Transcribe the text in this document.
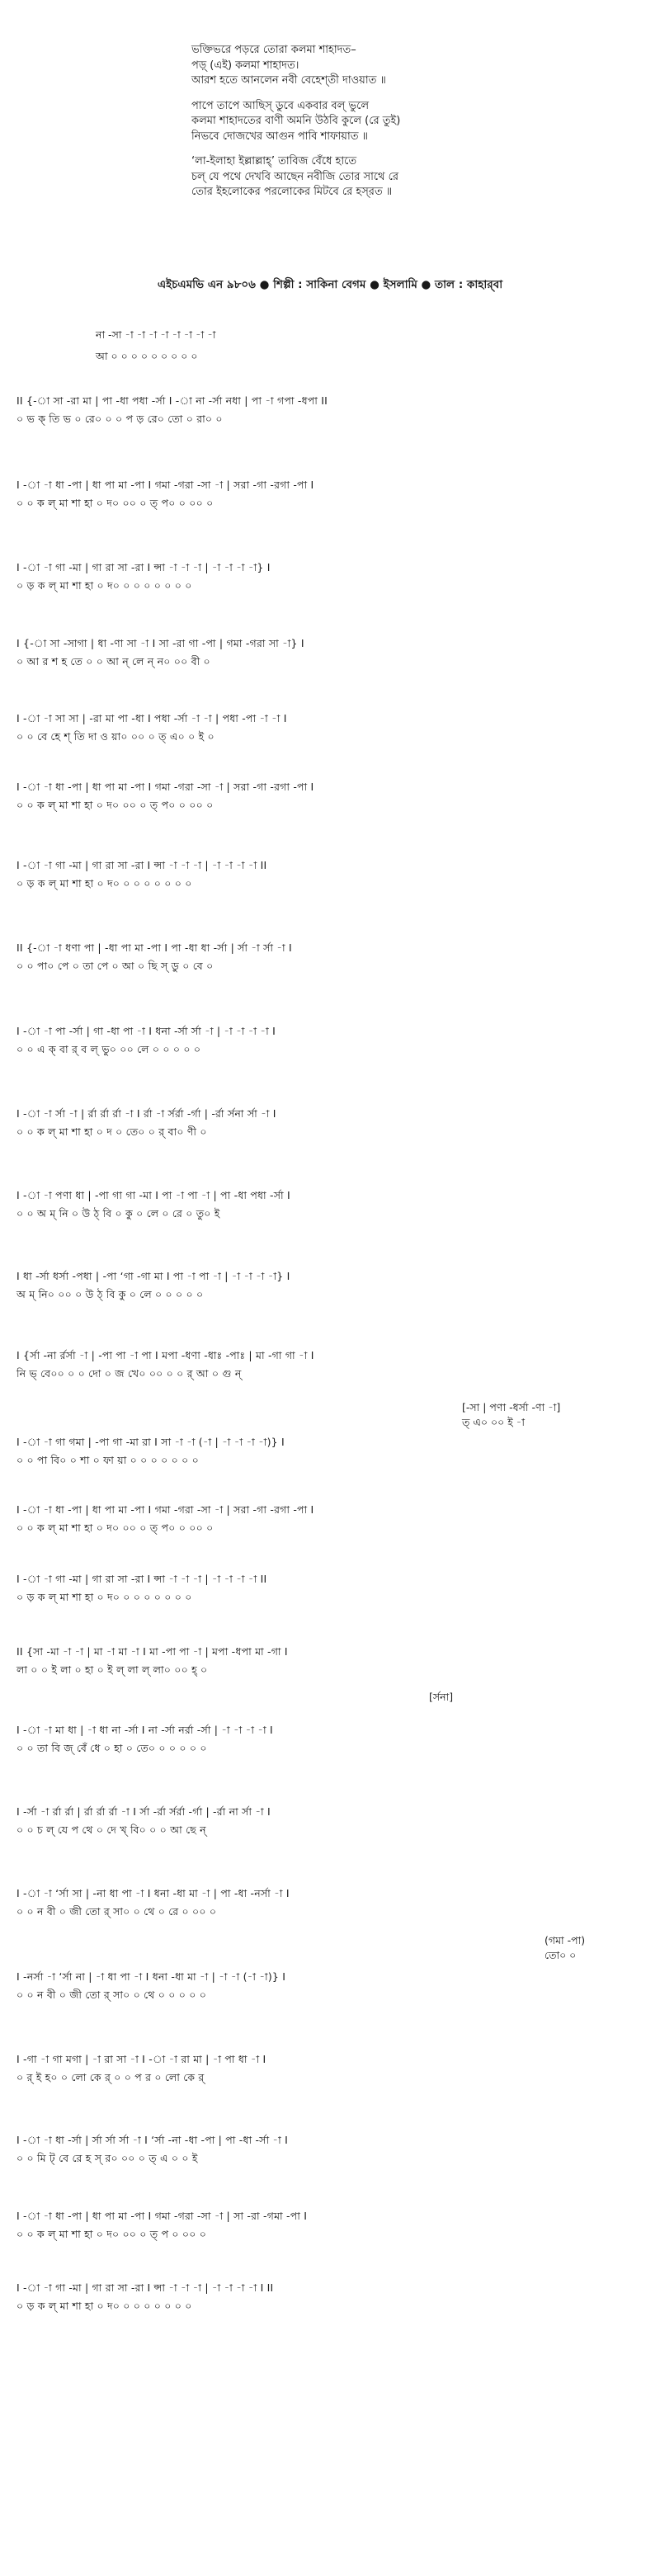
ভক্তিভরে পড়রে তোরা কলমা শাহাদত–
পড়্ (এই) কলমা শাহাদত।
আরশ হতে আনলেন নবী বেহেশ্‌তী দাওয়াত ॥
পাপে তাপে আছিস্‌ ডুবে একবার বল্‌ ভুলে
কলমা শাহাদতের বাণী অমনি উঠবি কুলে (রে তুই)
নিভবে দোজখের আগুন পাবি শাফায়াত ॥
‘লা-ইলাহা ইল্লাল্লাহ্’ তাবিজ বেঁধে হাতে
চল্‌ যে পথে দেখবি আছেন নবীজি তোর সাথে রে
তোর ইহলোকের পরলোকের মিটবে রে হস্‌রত ॥
এইচএমভি এন ৯৮০৬ ● শিল্পী : সাকিনা বেগম ● ইসলামি ● তাল : কাহার্‌বা
না -সা -া -া -া -া -া -া -া -া
আ ০ ০ ০ ০ ০ ০ ০ ০ ০
II {-া সা -রা মা | পা -ধা পধা -র্সা I -া না -র্সা নধা | পা -া গপা -ধপা II
০ ভ ক্ তি ভ ০ রে০ ০ ০ প ড় রে০ তো ০ রা০ ০
I -া -া ধা -পা | ধা পা মা -পা I গমা -গরা -সা -া | সরা -গা -রগা -পা I
০ ০ ক ল্ মা শা হা ০ দ০ ০০ ০ ত্ প০ ০ ০০ ০
I -া -া গা -মা | গা রা সা -রা I ন্সা -া -া -া | -া -া -া -া} I
০ ড় ক ল্ মা শা হা ০ দ০ ০ ০ ০ ০ ০ ০ ০
I {-া সা -সাগা | ধা -ণা সা -া I সা -রা গা -পা | গমা -গরা সা -া} I
০ আ র শ হ তে ০ ০ আ ন্ লে ন্ ন০ ০০ বী ০
I -া -া সা সা | -রা মা পা -ধা I পধা -র্সা -া -া | পধা -পা -া -া I
০ ০ বে হে শ্ তি দা ও য়া০ ০০ ০ ত্ এ০ ০ ই ০
I -া -া ধা -পা | ধা পা মা -পা I গমা -গরা -সা -া | সরা -গা -রগা -পা I
০ ০ ক ল্ মা শা হা ০ দ০ ০০ ০ ত্ প০ ০ ০০ ০
I -া -া গা -মা | গা রা সা -রা I ন্সা -া -া -া | -া -া -া -া II
০ ড় ক ল্ মা শা হা ০ দ০ ০ ০ ০ ০ ০ ০ ০
II {-া -া ধণা পা | -ধা পা মা -পা I পা -ধা ধা -র্সা | র্সা -া র্সা -া I
০ ০ পা০ পে ০ তা পে ০ আ ০ ছি স্ ডু ০ বে ০
I -া -া পা -র্সা | গা -ধা পা -া I ধনা -র্সা র্সা -া | -া -া -া -া I
০ ০ এ ক্ বা র্ ব ল্ ভু০ ০০ লে ০ ০ ০ ০ ০
I -া -া র্সা -া | র্রা র্রা র্রা -া I র্রা -া র্সর্রা -র্গা | -র্রা র্সনা র্সা -া I
০ ০ ক ল্ মা শা হা ০ দ ০ তে০ ০ র্ বা০ ণী ০
I -া -া পণা ধা | -পা গা গা -মা I পা -া পা -া | পা -ধা পধা -র্সা I
০ ০ অ ম্ নি ০ উ ঠ্ বি ০ কু ০ লে ০ রে ০ তু০ ই
I ধা -র্সা ধর্সা -পধা | -পা ‘গা -গা মা I পা -া পা -া | -া -া -া -া} I
অ ম্ নি০ ০০ ০ উ ঠ্ বি কু ০ লে ০ ০ ০ ০ ০
I {র্সা -না র্রর্সা -া | -পা পা -া পা I মপা -ধণা -ধাঃ -পাঃ | মা -গা গা -া I
নি ভ্ বে০০ ০ ০ দো ০ জ খে০ ০০ ০ ০ র্ আ ০ গু ন্
I -া -া গা গমা | -পা গা -মা রা I সা -া -া (-া | -া -া -া -া)} I
০ ০ পা বি০ ০ শা ০ ফা য়া ০ ০ ০ ০ ০ ০ ০
[-সা | পণা -ধর্সা -ণা -া]
ত্ এ০ ০০ ই -া
I -া -া ধা -পা | ধা পা মা -পা I গমা -গরা -সা -া | সরা -গা -রগা -পা I
০ ০ ক ল্ মা শা হা ০ দ০ ০০ ০ ত্ প০ ০ ০০ ০
I -া -া গা -মা | গা রা সা -রা I ন্সা -া -া -া | -া -া -া -া II
০ ড় ক ল্ মা শা হা ০ দ০ ০ ০ ০ ০ ০ ০ ০
II {সা -মা -া -া | মা -া মা -া I মা -পা পা -া | মপা -ধপা মা -গা I
লা ০ ০ ই লা ০ হা ০ ই ল্ লা ল্ লা০ ০০ হ্ ০
I -া -া মা ধা | -া ধা না -র্সা I না -র্সা নর্রা -র্সা | -া -া -া -া I
০ ০ তা বি জ্ বেঁ ধে ০ হা ০ তে০ ০ ০ ০ ০ ০
[র্সনা]
I -র্সা -া র্রা র্রা | র্রা র্রা র্রা -া I র্সা -র্রা র্সর্রা -র্গা | -র্রা না র্সা -া I
০ ০ চ ল্ যে প থে ০ দে খ্ বি০ ০ ০ আ ছে ন্
I -া -া ‘র্সা সা | -না ধা পা -া I ধনা -ধা মা -া | পা -ধা -নর্সা -া I
০ ০ ন বী ০ জী তো র্ সা০ ০ থে ০ রে ০ ০০ ০
I -নর্সা -া ‘র্সা না | -া ধা পা -া I ধনা -ধা মা -া | -া -া (-া -া)} I
০ ০ ন বী ০ জী তো র্ সা০ ০ থে ০ ০ ০ ০ ০
(গমা -পা)
তো০ ০
I -গা -া গা মগা | -া রা সা -া I -া -া রা মা | -া পা ধা -া I
০ র্ ই হ০ ০ লো কে র্ ০ ০ প র ০ লো কে র্
I -া -া ধা -র্সা | র্সা র্সা র্সা -া I ‘র্সা -না -ধা -পা | পা -ধা -র্সা -া I
০ ০ মি ট্ বে রে হ স্ র০ ০০ ০ ত্ এ ০ ০ ই
I -া -া ধা -পা | ধা পা মা -পা I গমা -গরা -সা -া | সা -রা -গমা -পা I
০ ০ ক ল্ মা শা হা ০ দ০ ০০ ০ ত্ প ০ ০০ ০
I -া -া গা -মা | গা রা সা -রা I ন্সা -া -া -া | -া -া -া -া I II
০ ড় ক ল্ মা শা হা ০ দ০ ০ ০ ০ ০ ০ ০ ০
